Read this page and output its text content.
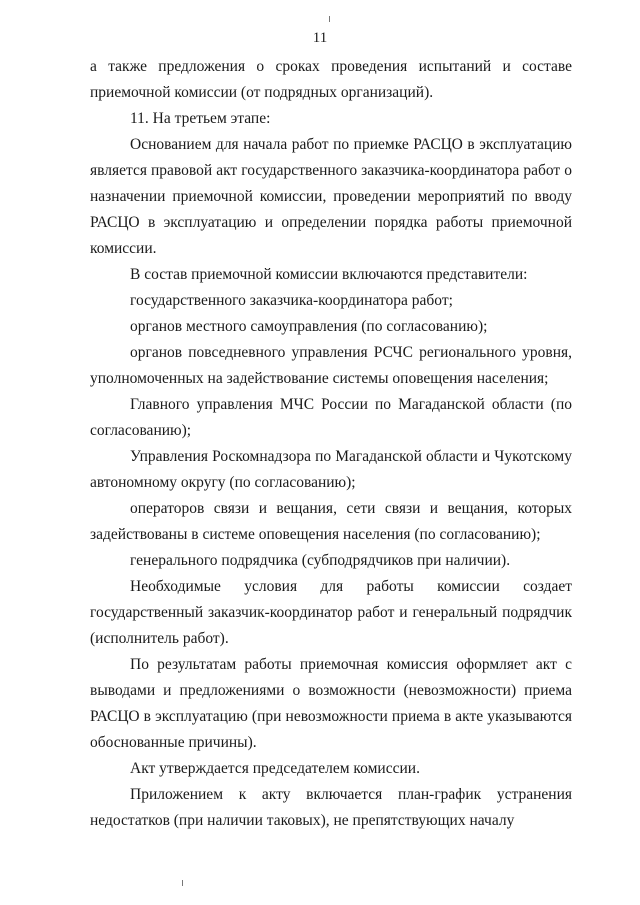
11

а также предложения о сроках проведения испытаний и составе приемочной комиссии (от подрядных организаций).

11. На третьем этапе:

Основанием для начала работ по приемке РАСЦО в эксплуатацию является правовой акт государственного заказчика-координатора работ о назначении приемочной комиссии, проведении мероприятий по вводу РАСЦО в эксплуатацию и определении порядка работы приемочной комиссии.

В состав приемочной комиссии включаются представители:

государственного заказчика-координатора работ;

органов местного самоуправления (по согласованию);

органов повседневного управления РСЧС регионального уровня, уполномоченных на задействование системы оповещения населения;

Главного управления МЧС России по Магаданской области (по согласованию);

Управления Роскомнадзора по Магаданской области и Чукотскому автономному округу (по согласованию);

операторов связи и вещания, сети связи и вещания, которых задействованы в системе оповещения населения (по согласованию);

генерального подрядчика (субподрядчиков при наличии).

Необходимые условия для работы комиссии создает государственный заказчик-координатор работ и генеральный подрядчик (исполнитель работ).

По результатам работы приемочная комиссия оформляет акт с выводами и предложениями о возможности (невозможности) приема РАСЦО в эксплуатацию (при невозможности приема в акте указываются обоснованные причины).

Акт утверждается председателем комиссии.

Приложением к акту включается план-график устранения недостатков (при наличии таковых), не препятствующих началу
